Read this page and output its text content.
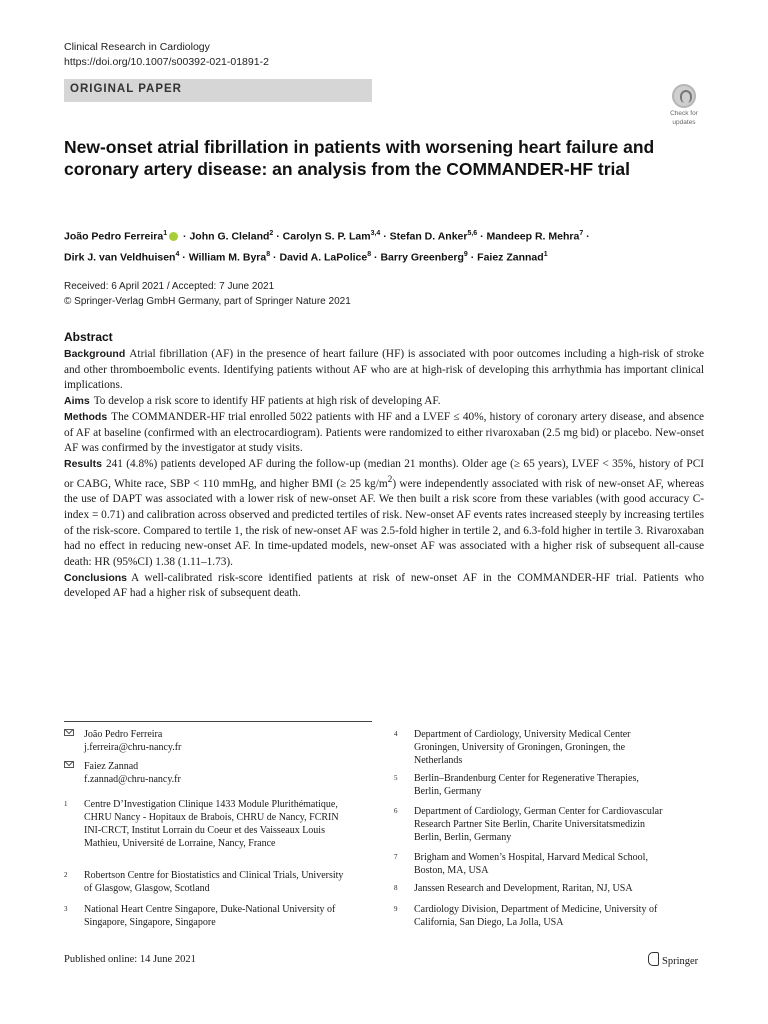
Clinical Research in Cardiology
https://doi.org/10.1007/s00392-021-01891-2
ORIGINAL PAPER
Check for
updates
New-onset atrial fibrillation in patients with worsening heart failure and coronary artery disease: an analysis from the COMMANDER-HF trial
João Pedro Ferreira$^1$ · John G. Cleland$^2$ · Carolyn S. P. Lam$^{3,4}$ · Stefan D. Anker$^{5,6}$ · Mandeep R. Mehra$^7$ ·
Dirk J. van Veldhuisen$^4$ · William M. Byra$^8$ · David A. LaPolice$^8$ · Barry Greenberg$^9$ · Faiez Zannad$^1$
Received: 6 April 2021 / Accepted: 7 June 2021
© Springer-Verlag GmbH Germany, part of Springer Nature 2021
Abstract

Background Atrial fibrillation (AF) in the presence of heart failure (HF) is associated with poor outcomes including a high-risk of stroke and other thromboembolic events. Identifying patients without AF who are at high-risk of developing this arrhythmia has important clinical implications.

Aims To develop a risk score to identify HF patients at high risk of developing AF.

Methods The COMMANDER-HF trial enrolled 5022 patients with HF and a LVEF ≤ 40%, history of coronary artery disease, and absence of AF at baseline (confirmed with an electrocardiogram). Patients were randomized to either rivaroxaban (2.5 mg bid) or placebo. New-onset AF was confirmed by the investigator at study visits.

Results 241 (4.8%) patients developed AF during the follow-up (median 21 months). Older age (≥ 65 years), LVEF < 35%, history of PCI or CABG, White race, SBP < 110 mmHg, and higher BMI (≥ 25 $kg/m^2$) were independently associated with risk of new-onset AF, whereas the use of DAPT was associated with a lower risk of new-onset AF. We then built a risk score from these variables (with good accuracy C-index = 0.71) and calibration across observed and predicted tertiles of risk. New-onset AF events rates increased steeply by increasing tertiles of the risk-score. Compared to tertile 1, the risk of new-onset AF was 2.5-fold higher in tertile 2, and 6.3-fold higher in tertile 3. Rivaroxaban had no effect in reducing new-onset AF. In time-updated models, new-onset AF was associated with a higher risk of subsequent all-cause death: HR (95%CI) 1.38 (1.11–1.73).

Conclusions A well-calibrated risk-score identified patients at risk of new-onset AF in the COMMANDER-HF trial. Patients who developed AF had a higher risk of subsequent death.

João Pedro Ferreira
j.ferreira@chru-nancy.fr
Faiez Zannad
f.zannad@chru-nancy.fr
1 Centre D’Investigation Clinique 1433 Module Plurithématique, CHRU Nancy - Hopitaux de Brabois, CHRU de Nancy, FCRIN INI-CRCT, Institut Lorrain du Coeur et des Vaisseaux Louis Mathieu, Université de Lorraine, Nancy, France
2 Robertson Centre for Biostatistics and Clinical Trials, University of Glasgow, Glasgow, Scotland
3 National Heart Centre Singapore, Duke-National University of Singapore, Singapore, Singapore
4 Department of Cardiology, University Medical Center Groningen, University of Groningen, Groningen, the Netherlands
5 Berlin–Brandenburg Center for Regenerative Therapies, Berlin, Germany
6 Department of Cardiology, German Center for Cardiovascular Research Partner Site Berlin, Charite Universitatsmedizin Berlin, Berlin, Germany
7 Brigham and Women’s Hospital, Harvard Medical School, Boston, MA, USA
8 Janssen Research and Development, Raritan, NJ, USA
9 Cardiology Division, Department of Medicine, University of California, San Diego, La Jolla, USA
Published online: 14 June 2021	Springer
